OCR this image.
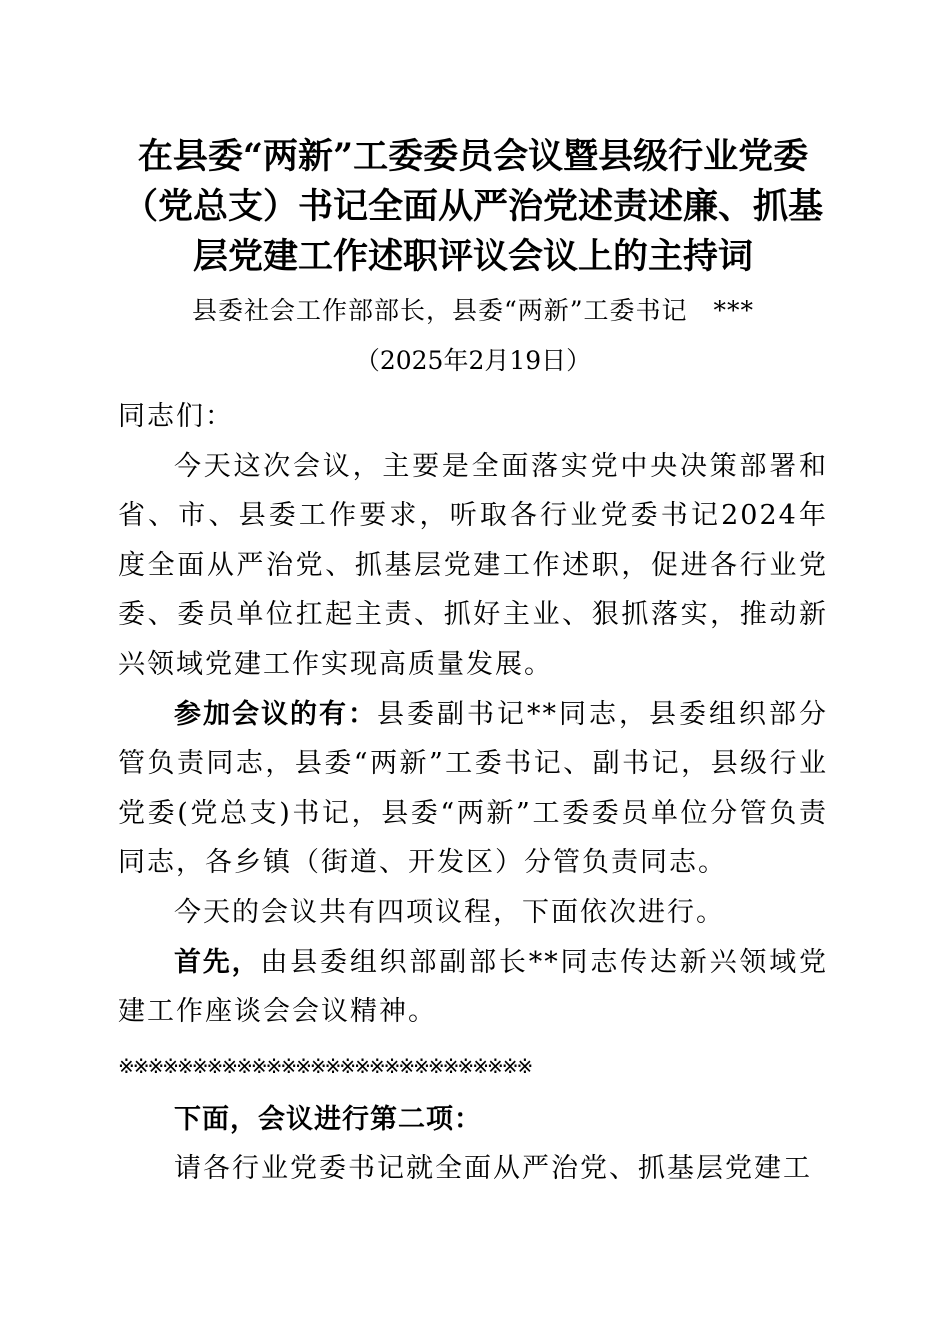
在县委“两新”工委委员会议暨县级行业党委（党总支）书记全面从严治党述责述廉、抓基层党建工作述职评议会议上的主持词
县委社会工作部部长，县委“两新”工委书记　***
（2025年2月19日）

同志们：

今天这次会议，主要是全面落实党中央决策部署和省、市、县委工作要求，听取各行业党委书记2024年度全面从严治党、抓基层党建工作述职，促进各行业党委、委员单位扛起主责、抓好主业、狠抓落实，推动新兴领域党建工作实现高质量发展。

参加会议的有：县委副书记**同志，县委组织部分管负责同志，县委“两新”工委书记、副书记，县级行业党委(党总支)书记，县委“两新”工委委员单位分管负责同志，各乡镇（街道、开发区）分管负责同志。

今天的会议共有四项议程，下面依次进行。

首先，由县委组织部副部长**同志传达新兴领域党建工作座谈会会议精神。

※※※※※※※※※※※※※※※※※※※※※※※※※※※※

下面，会议进行第二项：

请各行业党委书记就全面从严治党、抓基层党建工
